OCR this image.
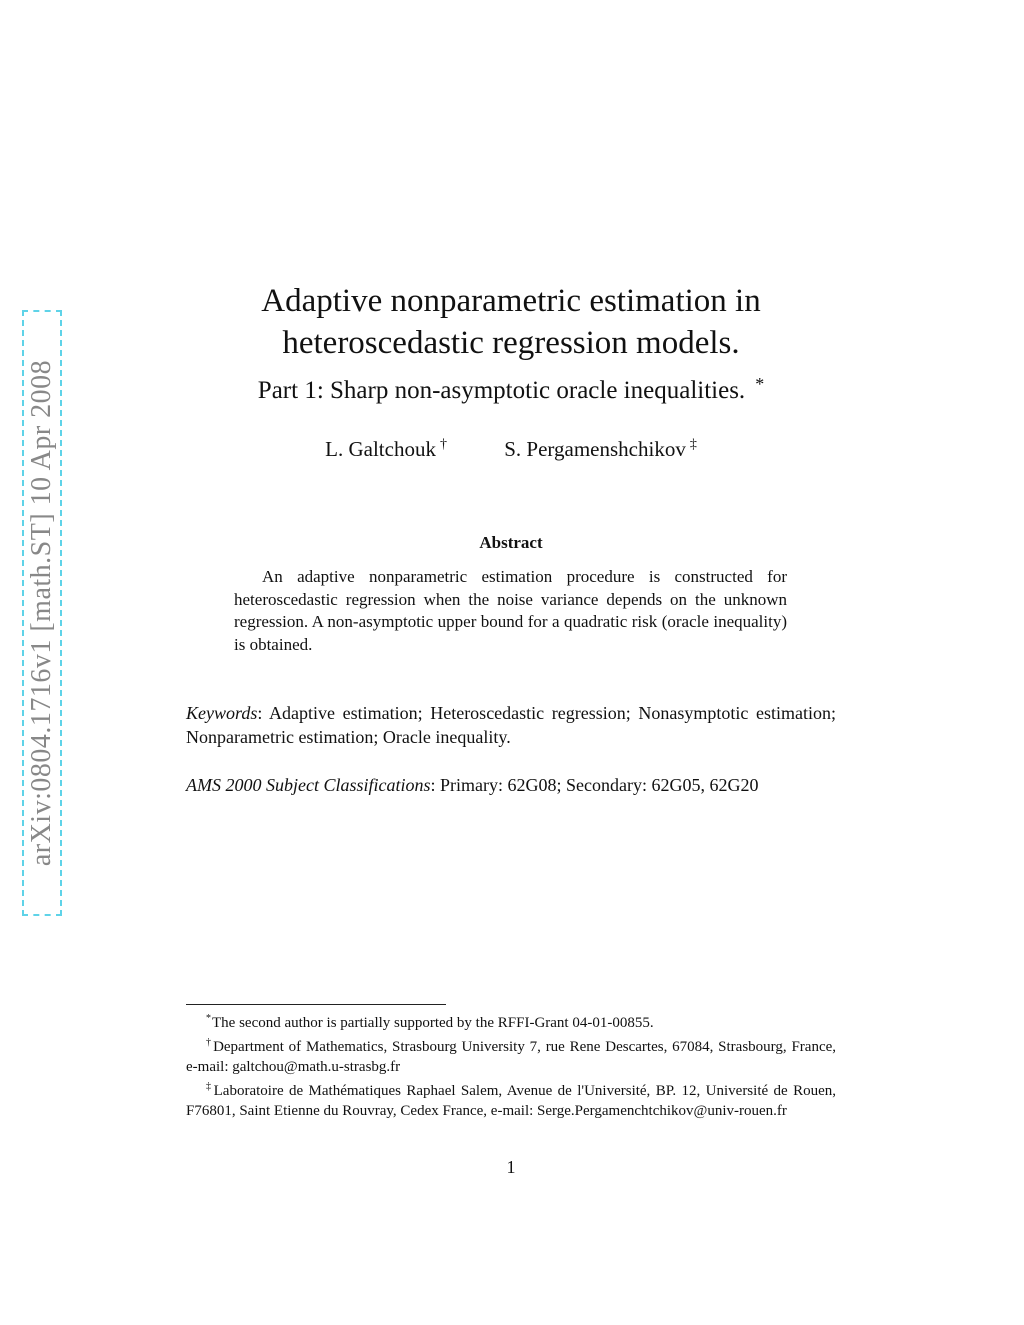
arXiv:0804.1716v1 [math.ST] 10 Apr 2008
Adaptive nonparametric estimation in
heteroscedastic regression models.
Part 1: Sharp non-asymptotic oracle inequalities. *
L. Galtchouk †	S. Pergamenshchikov ‡
Abstract
An adaptive nonparametric estimation procedure is constructed for heteroscedastic regression when the noise variance depends on the unknown regression. A non-asymptotic upper bound for a quadratic risk (oracle inequality) is obtained.
Keywords: Adaptive estimation; Heteroscedastic regression; Nonasymptotic estimation; Nonparametric estimation; Oracle inequality.
AMS 2000 Subject Classifications: Primary: 62G08; Secondary: 62G05, 62G20

*The second author is partially supported by the RFFI-Grant 04-01-00855.

†Department of Mathematics, Strasbourg University 7, rue Rene Descartes, 67084, Strasbourg, France, e-mail: galtchou@math.u-strasbg.fr

‡Laboratoire de Mathématiques Raphael Salem, Avenue de l'Université, BP. 12, Université de Rouen, F76801, Saint Etienne du Rouvray, Cedex France, e-mail: Serge.Pergamenchtchikov@univ-rouen.fr

1
